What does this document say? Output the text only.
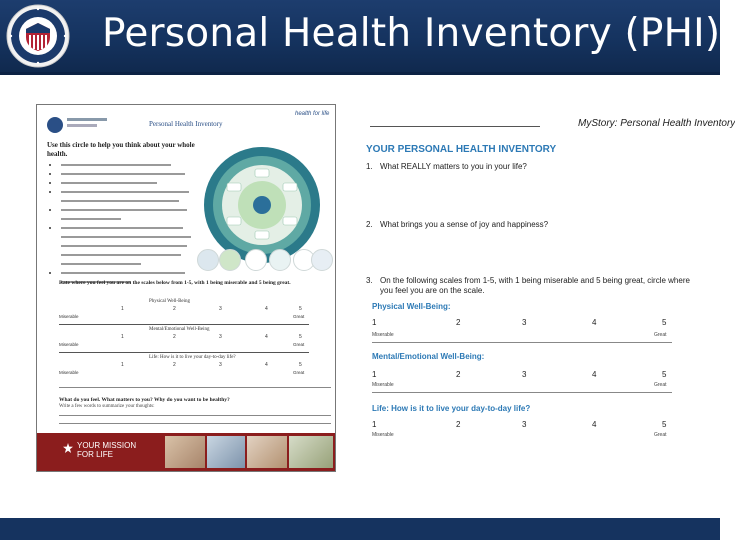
Personal Health Inventory (PHI)
Personal Health Inventory
health for life
Use this circle to help you think about your whole health.
Rate where you feel you are on the scales below from 1-5, with 1 being miserable and 5 being great.
Physical Well-Being
1	2	3	4	5
Miserable	Great
Mental/Emotional Well-Being
1	2	3	4	5
Miserable	Great
Life: How is it to live your day-to-day life?
1	2	3	4	5
Miserable	Great
What do you feel. What matters to you? Why do you want to be healthy?
Write a few words to summarize your thoughts:
YOUR MISSION
FOR LIFE
MyStory: Personal Health Inventory
YOUR PERSONAL HEALTH INVENTORY
1. What REALLY matters to you in your life?
2. What brings you a sense of joy and happiness?
3. On the following scales from 1-5, with 1 being miserable and 5 being great, circle where you feel you are on the scale.
Physical Well-Being:
1	2	3	4	5
Miserable	Great
Mental/Emotional Well-Being:
1	2	3	4	5
Miserable	Great
Life: How is it to live your day-to-day life?
1	2	3	4	5
Miserable	Great
